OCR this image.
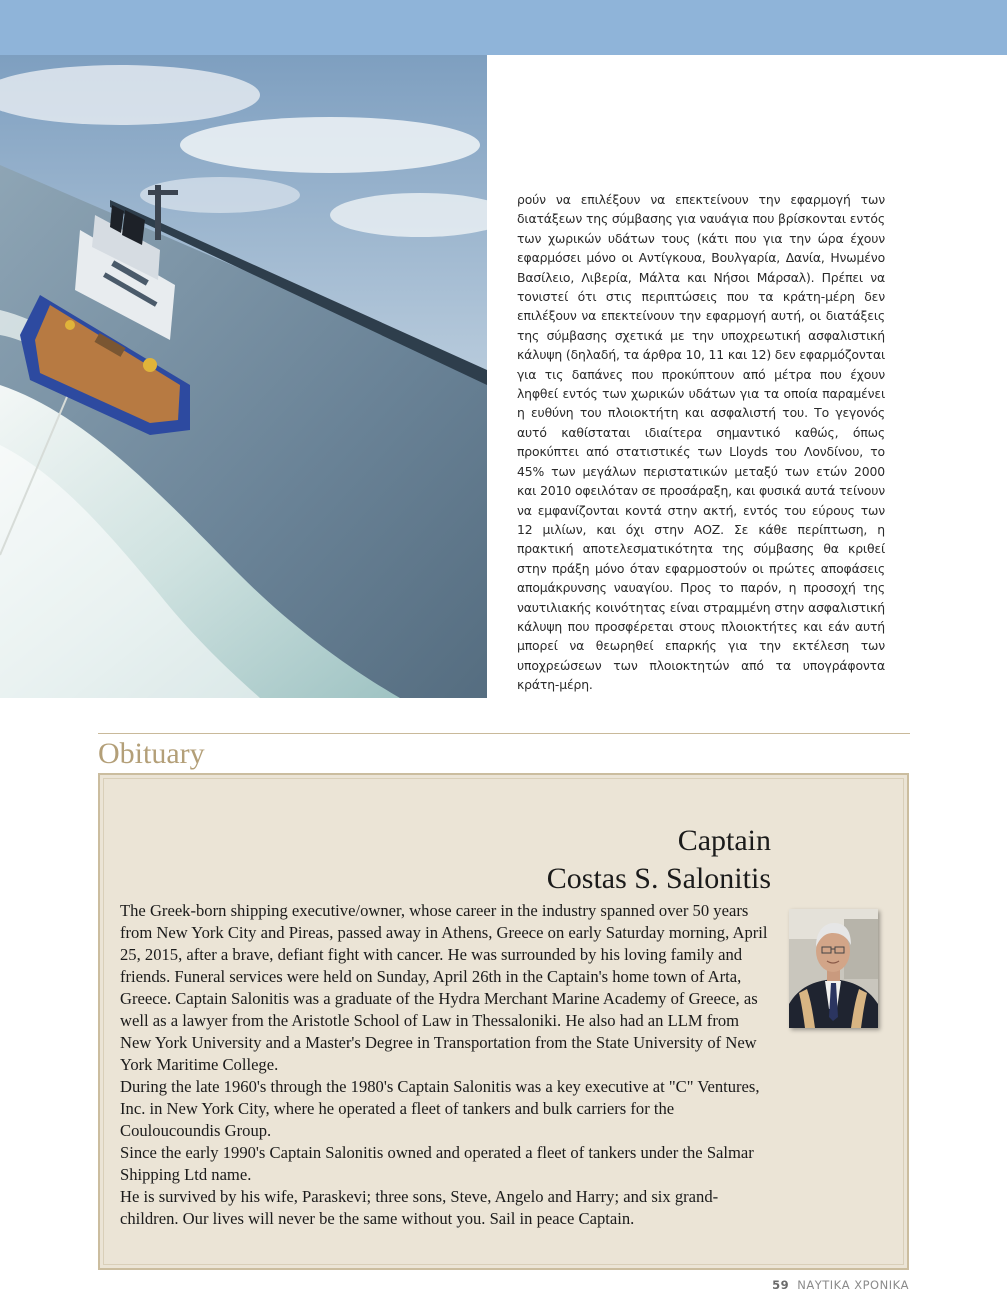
ρούν να επιλέξουν να επεκτείνουν την εφαρμογή των διατάξεων της σύμβασης για ναυάγια που βρίσκονται εντός των χωρικών υδάτων τους (κάτι που για την ώρα έχουν εφαρμόσει μόνο οι Αντίγκουα, Βουλγαρία, Δανία, Ηνωμένο Βασίλειο, Λιβερία, Μάλτα και Νήσοι Μάρσαλ). Πρέπει να τονιστεί ότι στις περιπτώσεις που τα κράτη-μέρη δεν επιλέξουν να επεκτείνουν την εφαρμογή αυτή, οι διατάξεις της σύμβασης σχετικά με την υποχρεωτική ασφαλιστική κάλυψη (δηλαδή, τα άρθρα 10, 11 και 12) δεν εφαρμόζονται για τις δαπάνες που προκύπτουν από μέτρα που έχουν ληφθεί εντός των χωρικών υδάτων για τα οποία παραμένει η ευθύνη του πλοιοκτήτη και ασφαλιστή του. Το γεγονός αυτό καθίσταται ιδιαίτερα σημαντικό καθώς, όπως προκύπτει από στατιστικές των Lloyds του Λονδίνου, το 45% των μεγάλων περιστατικών μεταξύ των ετών 2000 και 2010 οφειλόταν σε προσάραξη, και φυσικά αυτά τείνουν να εμφανίζονται κοντά στην ακτή, εντός του εύρους των 12 μιλίων, και όχι στην ΑΟΖ. Σε κάθε περίπτωση, η πρακτική αποτελεσματικότητα της σύμβασης θα κριθεί στην πράξη μόνο όταν εφαρμοστούν οι πρώτες αποφάσεις απομάκρυνσης ναυαγίου. Προς το παρόν, η προσοχή της ναυτιλιακής κοινότητας είναι στραμμένη στην ασφαλιστική κάλυψη που προσφέρεται στους πλοιοκτήτες και εάν αυτή μπορεί να θεωρηθεί επαρκής για την εκτέλεση των υποχρεώσεων των πλοιοκτητών από τα υπογράφοντα κράτη-μέρη.
Obituary
Captain
Costas S. Salonitis

The Greek-born shipping executive/owner, whose career in the industry spanned over 50 years from New York City and Pireas, passed away in Athens, Greece on early Saturday morning, April 25, 2015, after a brave, defiant fight with cancer. He was surrounded by his loving family and friends. Funeral services were held on Sunday, April 26th in the Captain's home town of Arta, Greece. Captain Salonitis was a graduate of the Hydra Merchant Marine Academy of Greece, as well as a lawyer from the Aristotle School of Law in Thessaloniki. He also had an LLM from New York University and a Master's Degree in Transportation from the State University of New York Maritime College.

During the late 1960's through the 1980's Captain Salonitis was a key executive at "C" Ventures, Inc. in New York City, where he operated a fleet of tankers and bulk carriers for the Couloucoundis Group.

Since the early 1990's Captain Salonitis owned and operated a fleet of tankers under the Salmar Shipping Ltd name.

He is survived by his wife, Paraskevi; three sons, Steve, Angelo and Harry; and six grand-children. Our lives will never be the same without you. Sail in peace Captain.

59 ΝΑΥΤΙΚΑ ΧΡΟΝΙΚΑ
